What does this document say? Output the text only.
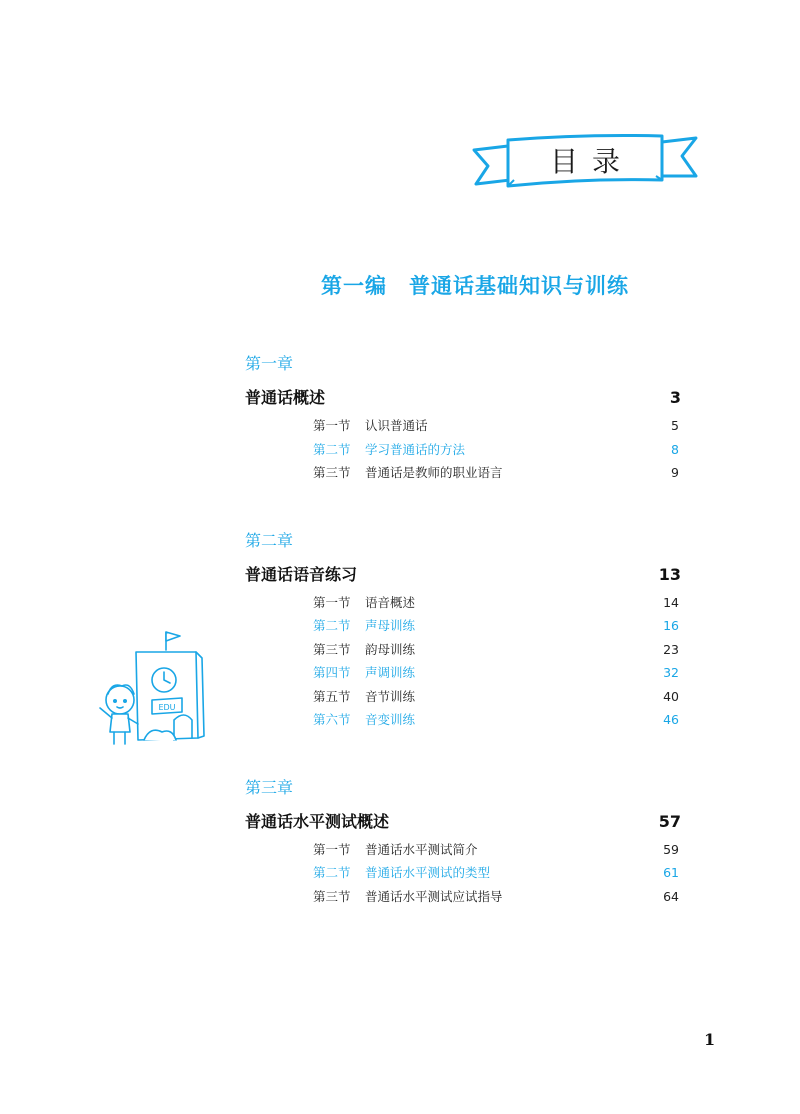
目录
第一编 普通话基础知识与训练
第一章
普通话概述	3
第一节	认识普通话	5
第二节	学习普通话的方法	8
第三节	普通话是教师的职业语言	9
第二章
普通话语音练习	13
第一节	语音概述	14
第二节	声母训练	16
第三节	韵母训练	23
第四节	声调训练	32
第五节	音节训练	40
第六节	音变训练	46
第三章
普通话水平测试概述	57
第一节	普通话水平测试简介	59
第二节	普通话水平测试的类型	61
第三节	普通话水平测试应试指导	64
EDU
1
